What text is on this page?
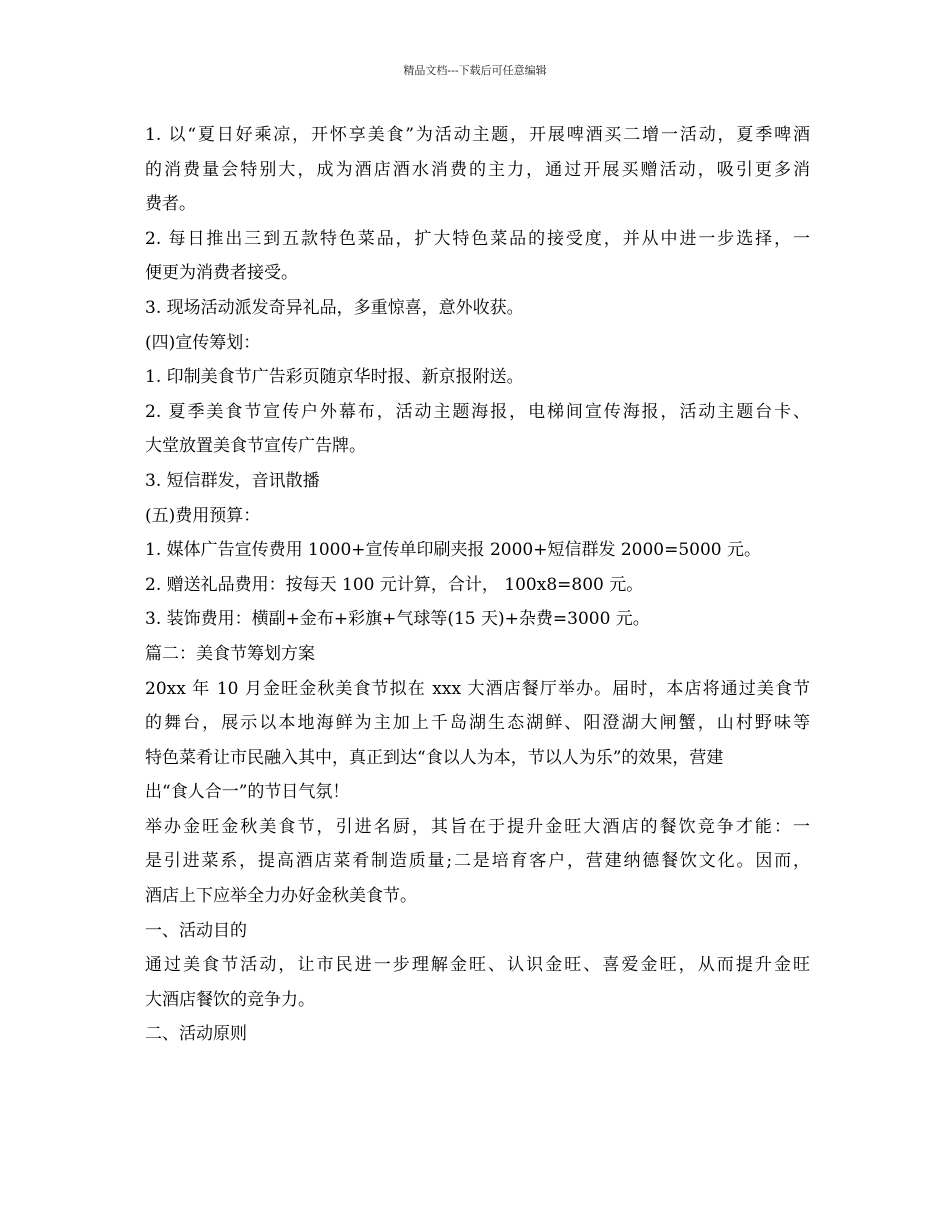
精品文档---下载后可任意编辑
1. 以“夏日好乘凉，开怀享美食”为活动主题，开展啤酒买二增一活动，夏季啤酒
的消费量会特别大，成为酒店酒水消费的主力，通过开展买赠活动，吸引更多消
费者。
2. 每日推出三到五款特色菜品，扩大特色菜品的接受度，并从中进一步选择，一
便更为消费者接受。
3. 现场活动派发奇异礼品，多重惊喜，意外收获。
(四)宣传筹划：
1. 印制美食节广告彩页随京华时报、新京报附送。
2. 夏季美食节宣传户外幕布，活动主题海报，电梯间宣传海报，活动主题台卡、
大堂放置美食节宣传广告牌。
3. 短信群发，音讯散播
(五)费用预算：
1. 媒体广告宣传费用 1000+宣传单印刷夹报 2000+短信群发 2000=5000 元。
2. 赠送礼品费用：按每天 100 元计算，合计， 100x8=800 元。
3. 装饰费用：横副+金布+彩旗+气球等(15 天)+杂费=3000 元。
篇二：美食节筹划方案
20xx 年 10 月金旺金秋美食节拟在 xxx 大酒店餐厅举办。届时，本店将通过美食节
的舞台，展示以本地海鲜为主加上千岛湖生态湖鲜、阳澄湖大闸蟹，山村野味等
特色菜肴让市民融入其中，真正到达“食以人为本，节以人为乐”的效果，营建
出“食人合一”的节日气氛！
举办金旺金秋美食节，引进名厨，其旨在于提升金旺大酒店的餐饮竞争才能：一
是引进菜系，提高酒店菜肴制造质量;二是培育客户，营建纳德餐饮文化。因而，
酒店上下应举全力办好金秋美食节。
一、活动目的
通过美食节活动，让市民进一步理解金旺、认识金旺、喜爱金旺，从而提升金旺
大酒店餐饮的竞争力。
二、活动原则
